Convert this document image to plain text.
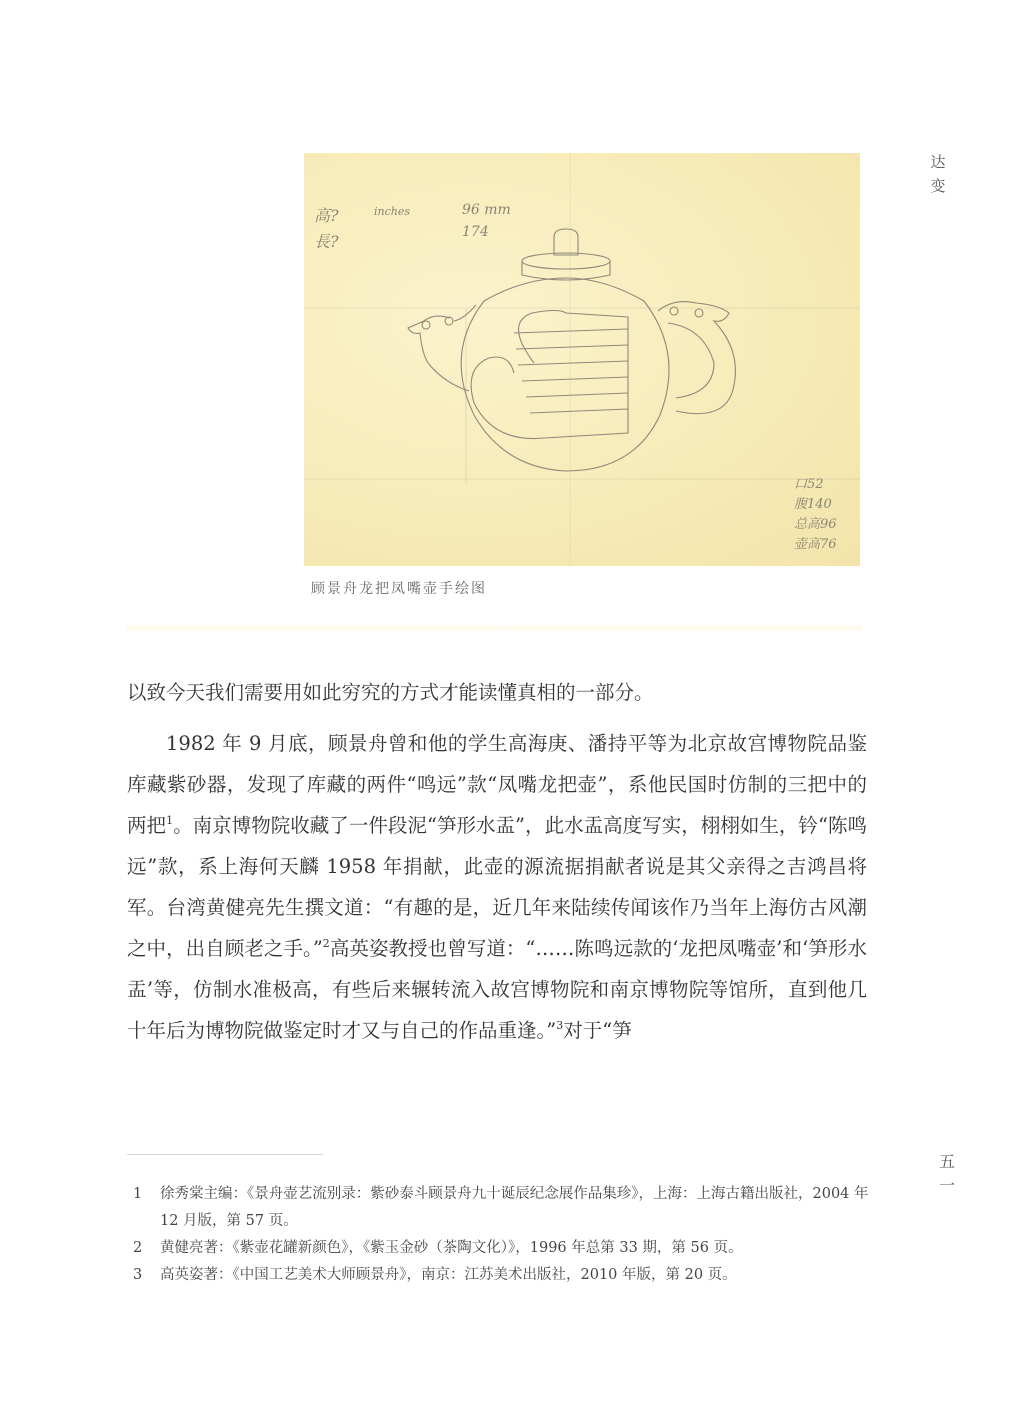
达
变
高?
長?
inches	96 mm
174
口52
腹140
总高96
壶高76
顾景舟龙把凤嘴壶手绘图

以致今天我们需要用如此穷究的方式才能读懂真相的一部分。

1982 年 9 月底，顾景舟曾和他的学生高海庚、潘持平等为北京故宫博物院品鉴库藏紫砂器，发现了库藏的两件“鸣远”款“凤嘴龙把壶”，系他民国时仿制的三把中的两把$^1$。南京博物院收藏了一件段泥“笋形水盂”，此水盂高度写实，栩栩如生，钤“陈鸣远”款，系上海何天麟 1958 年捐献，此壶的源流据捐献者说是其父亲得之吉鸿昌将军。台湾黄健亮先生撰文道：“有趣的是，近几年来陆续传闻该作乃当年上海仿古风潮之中，出自顾老之手。”$^2$高英姿教授也曾写道：“……陈鸣远款的‘龙把凤嘴壶’和‘笋形水盂’等，仿制水准极高，有些后来辗转流入故宫博物院和南京博物院等馆所，直到他几十年后为博物院做鉴定时才又与自己的作品重逢。”$^3$对于“笋

1	徐秀棠主编：《景舟壶艺流别录：紫砂泰斗顾景舟九十诞辰纪念展作品集珍》，上海：上海古籍出版社，2004 年 12 月版，第 57 页。
2	黄健亮著：《紫壶花罐新颜色》，《紫玉金砂（茶陶文化）》，1996 年总第 33 期，第 56 页。
3	高英姿著：《中国工艺美术大师顾景舟》，南京：江苏美术出版社，2010 年版，第 20 页。
五
一
